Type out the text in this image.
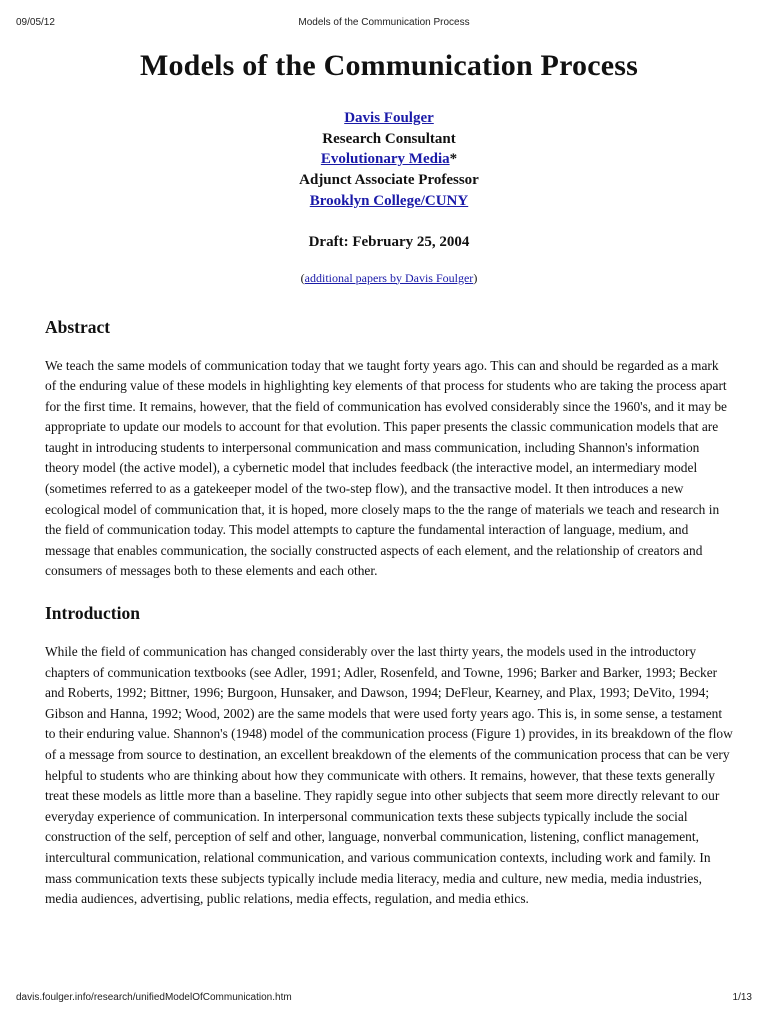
09/05/12	Models of the Communication Process
Models of the Communication Process
Davis Foulger
Research Consultant
Evolutionary Media*
Adjunct Associate Professor
Brooklyn College/CUNY
Draft: February 25, 2004
(additional papers by Davis Foulger)
Abstract

We teach the same models of communication today that we taught forty years ago. This can and should be regarded as a mark of the enduring value of these models in highlighting key elements of that process for students who are taking the process apart for the first time. It remains, however, that the field of communication has evolved considerably since the 1960's, and it may be appropriate to update our models to account for that evolution. This paper presents the classic communication models that are taught in introducing students to interpersonal communication and mass communication, including Shannon's information theory model (the active model), a cybernetic model that includes feedback (the interactive model, an intermediary model (sometimes referred to as a gatekeeper model of the two-step flow), and the transactive model. It then introduces a new ecological model of communication that, it is hoped, more closely maps to the the range of materials we teach and research in the field of communication today. This model attempts to capture the fundamental interaction of language, medium, and message that enables communication, the socially constructed aspects of each element, and the relationship of creators and consumers of messages both to these elements and each other.

Introduction

While the field of communication has changed considerably over the last thirty years, the models used in the introductory chapters of communication textbooks (see Adler, 1991; Adler, Rosenfeld, and Towne, 1996; Barker and Barker, 1993; Becker and Roberts, 1992; Bittner, 1996; Burgoon, Hunsaker, and Dawson, 1994; DeFleur, Kearney, and Plax, 1993; DeVito, 1994; Gibson and Hanna, 1992; Wood, 2002) are the same models that were used forty years ago. This is, in some sense, a testament to their enduring value. Shannon's (1948) model of the communication process (Figure 1) provides, in its breakdown of the flow of a message from source to destination, an excellent breakdown of the elements of the communication process that can be very helpful to students who are thinking about how they communicate with others. It remains, however, that these texts generally treat these models as little more than a baseline. They rapidly segue into other subjects that seem more directly relevant to our everyday experience of communication. In interpersonal communication texts these subjects typically include the social construction of the self, perception of self and other, language, nonverbal communication, listening, conflict management, intercultural communication, relational communication, and various communication contexts, including work and family. In mass communication texts these subjects typically include media literacy, media and culture, new media, media industries, media audiences, advertising, public relations, media effects, regulation, and media ethics.

davis.foulger.info/research/unifiedModelOfCommunication.htm	1/13
